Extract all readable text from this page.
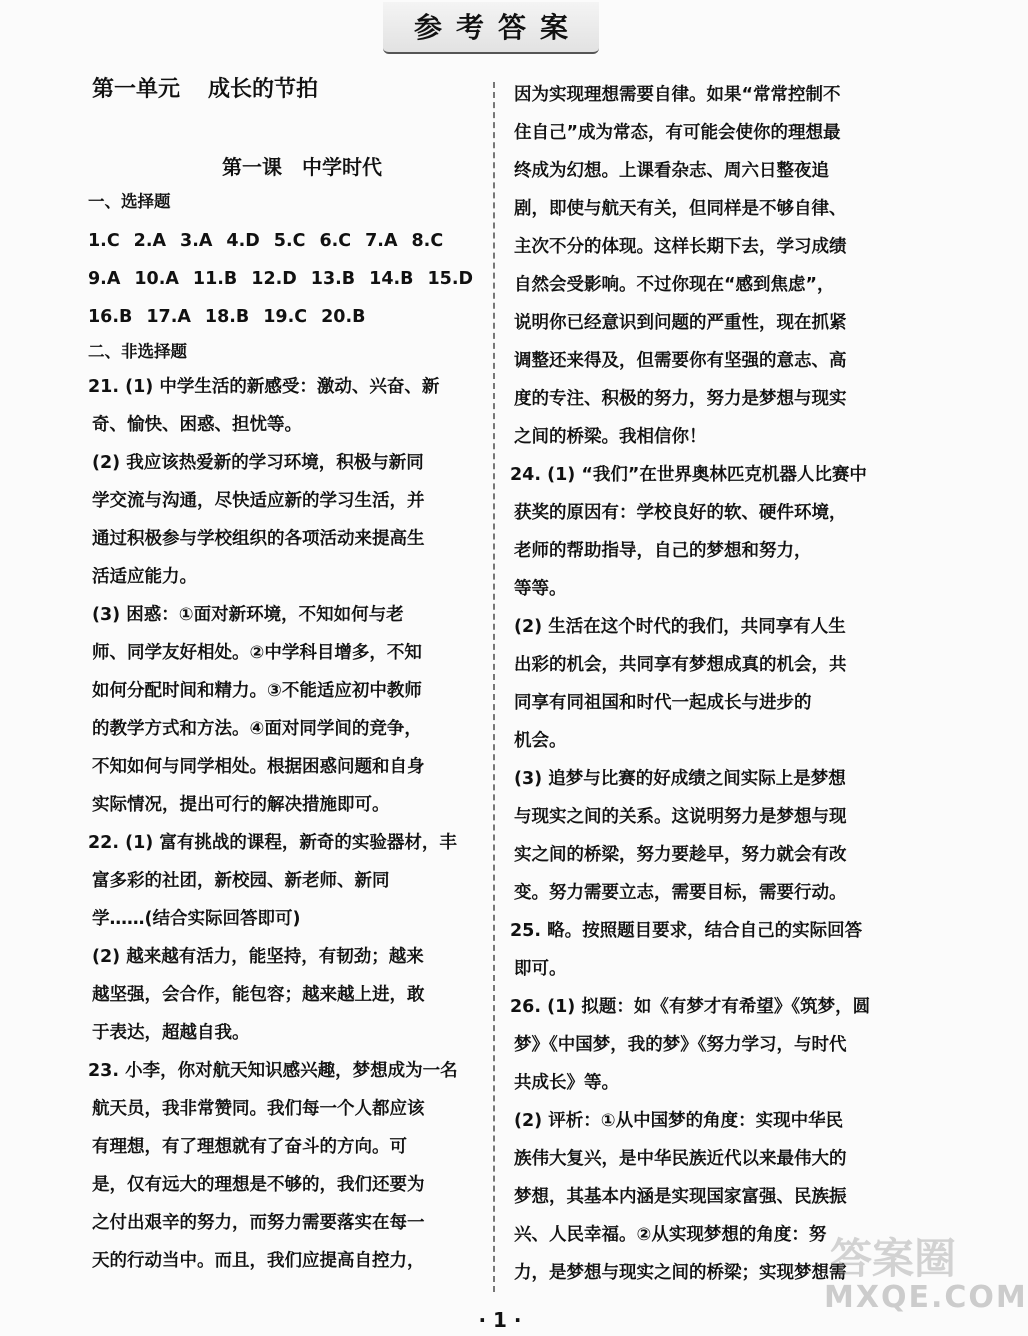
参考答案
第一单元 成长的节拍
第一课　中学时代
一、选择题
1.C 2.A 3.A 4.D 5.C 6.C 7.A 8.C
9.A 10.A 11.B 12.D 13.B 14.B 15.D
16.B 17.A 18.B 19.C 20.B
二、非选择题
21. (1) 中学生活的新感受：激动、兴奋、新
奇、愉快、困惑、担忧等。
(2) 我应该热爱新的学习环境，积极与新同
学交流与沟通，尽快适应新的学习生活，并
通过积极参与学校组织的各项活动来提高生
活适应能力。
(3) 困惑：①面对新环境，不知如何与老
师、同学友好相处。②中学科目增多，不知
如何分配时间和精力。③不能适应初中教师
的教学方式和方法。④面对同学间的竞争，
不知如何与同学相处。根据困惑问题和自身
实际情况，提出可行的解决措施即可。
22. (1) 富有挑战的课程，新奇的实验器材，丰
富多彩的社团，新校园、新老师、新同
学……(结合实际回答即可)
(2) 越来越有活力，能坚持，有韧劲；越来
越坚强，会合作，能包容；越来越上进，敢
于表达，超越自我。
23. 小李，你对航天知识感兴趣，梦想成为一名
航天员，我非常赞同。我们每一个人都应该
有理想，有了理想就有了奋斗的方向。可
是，仅有远大的理想是不够的，我们还要为
之付出艰辛的努力，而努力需要落实在每一
天的行动当中。而且，我们应提高自控力，
因为实现理想需要自律。如果“常常控制不
住自己”成为常态，有可能会使你的理想最
终成为幻想。上课看杂志、周六日整夜追
剧，即使与航天有关，但同样是不够自律、
主次不分的体现。这样长期下去，学习成绩
自然会受影响。不过你现在“感到焦虑”，
说明你已经意识到问题的严重性，现在抓紧
调整还来得及，但需要你有坚强的意志、高
度的专注、积极的努力，努力是梦想与现实
之间的桥梁。我相信你！
24. (1) “我们”在世界奥林匹克机器人比赛中
获奖的原因有：学校良好的软、硬件环境，
老师的帮助指导，自己的梦想和努力，
等等。
(2) 生活在这个时代的我们，共同享有人生
出彩的机会，共同享有梦想成真的机会，共
同享有同祖国和时代一起成长与进步的
机会。
(3) 追梦与比赛的好成绩之间实际上是梦想
与现实之间的关系。这说明努力是梦想与现
实之间的桥梁，努力要趁早，努力就会有改
变。努力需要立志，需要目标，需要行动。
25. 略。按照题目要求，结合自己的实际回答
即可。
26. (1) 拟题：如《有梦才有希望》《筑梦，圆
梦》《中国梦，我的梦》《努力学习，与时代
共成长》等。
(2) 评析：①从中国梦的角度：实现中华民
族伟大复兴，是中华民族近代以来最伟大的
梦想，其基本内涵是实现国家富强、民族振
兴、人民幸福。②从实现梦想的角度：努
力，是梦想与现实之间的桥梁；实现梦想需
· 1 ·
答案圈
MXQE.COM
